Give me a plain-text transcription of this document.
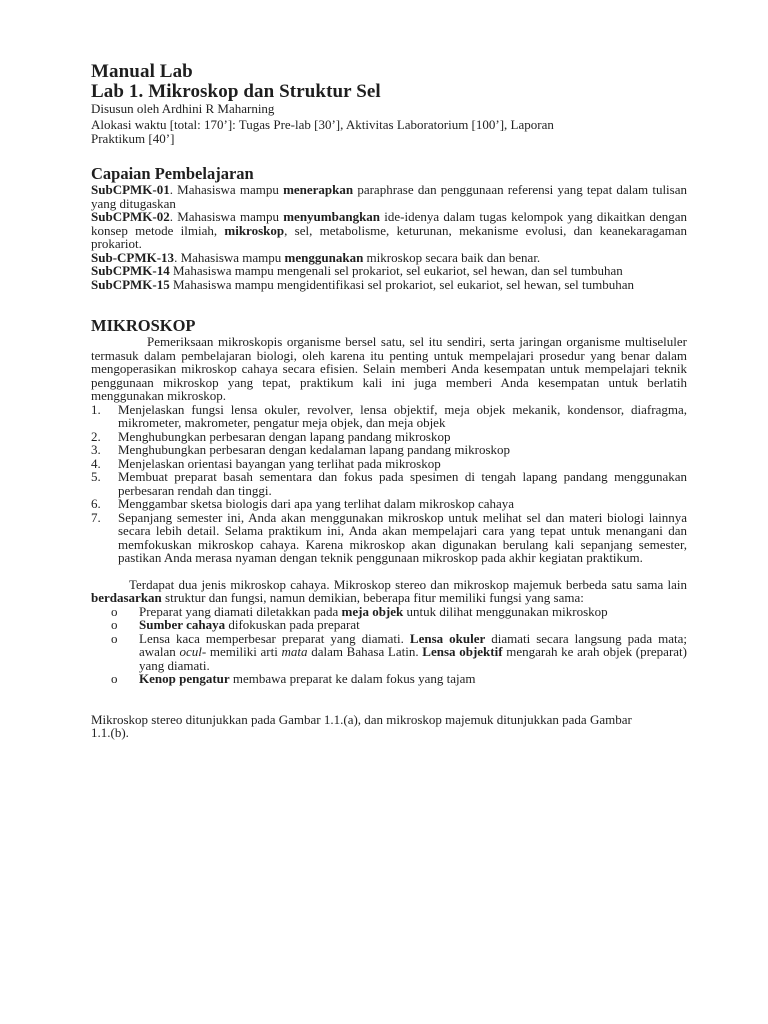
Manual Lab
Lab 1. Mikroskop dan Struktur Sel
Disusun oleh Ardhini R Maharning
Alokasi waktu [total: 170’]: Tugas Pre-lab [30’], Aktivitas Laboratorium [100’], Laporan Praktikum [40’]
Capaian Pembelajaran

SubCPMK-01. Mahasiswa mampu menerapkan paraphrase dan penggunaan referensi yang tepat dalam tulisan yang ditugaskan

SubCPMK-02. Mahasiswa mampu menyumbangkan ide-idenya dalam tugas kelompok yang dikaitkan dengan konsep metode ilmiah, mikroskop, sel, metabolisme, keturunan, mekanisme evolusi, dan keanekaragaman prokariot.

Sub-CPMK-13. Mahasiswa mampu menggunakan mikroskop secara baik dan benar.

SubCPMK-14 Mahasiswa mampu mengenali sel prokariot, sel eukariot, sel hewan, dan sel tumbuhan

SubCPMK-15 Mahasiswa mampu mengidentifikasi sel prokariot, sel eukariot, sel hewan, sel tumbuhan

MIKROSKOP

Pemeriksaan mikroskopis organisme bersel satu, sel itu sendiri, serta jaringan organisme multiseluler termasuk dalam pembelajaran biologi, oleh karena itu penting untuk mempelajari prosedur yang benar dalam mengoperasikan mikroskop cahaya secara efisien. Selain memberi Anda kesempatan untuk mempelajari teknik penggunaan mikroskop yang tepat, praktikum kali ini juga memberi Anda kesempatan untuk berlatih menggunakan mikroskop.

1. Menjelaskan fungsi lensa okuler, revolver, lensa objektif, meja objek mekanik, kondensor, diafragma, mikrometer, makrometer, pengatur meja objek, dan meja objek
2. Menghubungkan perbesaran dengan lapang pandang mikroskop
3. Menghubungkan perbesaran dengan kedalaman lapang pandang mikroskop
4. Menjelaskan orientasi bayangan yang terlihat pada mikroskop
5. Membuat preparat basah sementara dan fokus pada spesimen di tengah lapang pandang menggunakan perbesaran rendah dan tinggi.
6. Menggambar sketsa biologis dari apa yang terlihat dalam mikroskop cahaya
7. Sepanjang semester ini, Anda akan menggunakan mikroskop untuk melihat sel dan materi biologi lainnya secara lebih detail. Selama praktikum ini, Anda akan mempelajari cara yang tepat untuk menangani dan memfokuskan mikroskop cahaya. Karena mikroskop akan digunakan berulang kali sepanjang semester, pastikan Anda merasa nyaman dengan teknik penggunaan mikroskop pada akhir kegiatan praktikum.

Terdapat dua jenis mikroskop cahaya. Mikroskop stereo dan mikroskop majemuk berbeda satu sama lain berdasarkan struktur dan fungsi, namun demikian, beberapa fitur memiliki fungsi yang sama:

o Preparat yang diamati diletakkan pada meja objek untuk dilihat menggunakan mikroskop
o Sumber cahaya difokuskan pada preparat
o Lensa kaca memperbesar preparat yang diamati. Lensa okuler diamati secara langsung pada mata; awalan ocul- memiliki arti mata dalam Bahasa Latin. Lensa objektif mengarah ke arah objek (preparat) yang diamati.
o Kenop pengatur membawa preparat ke dalam fokus yang tajam

Mikroskop stereo ditunjukkan pada Gambar 1.1.(a), dan mikroskop majemuk ditunjukkan pada Gambar 1.1.(b).
